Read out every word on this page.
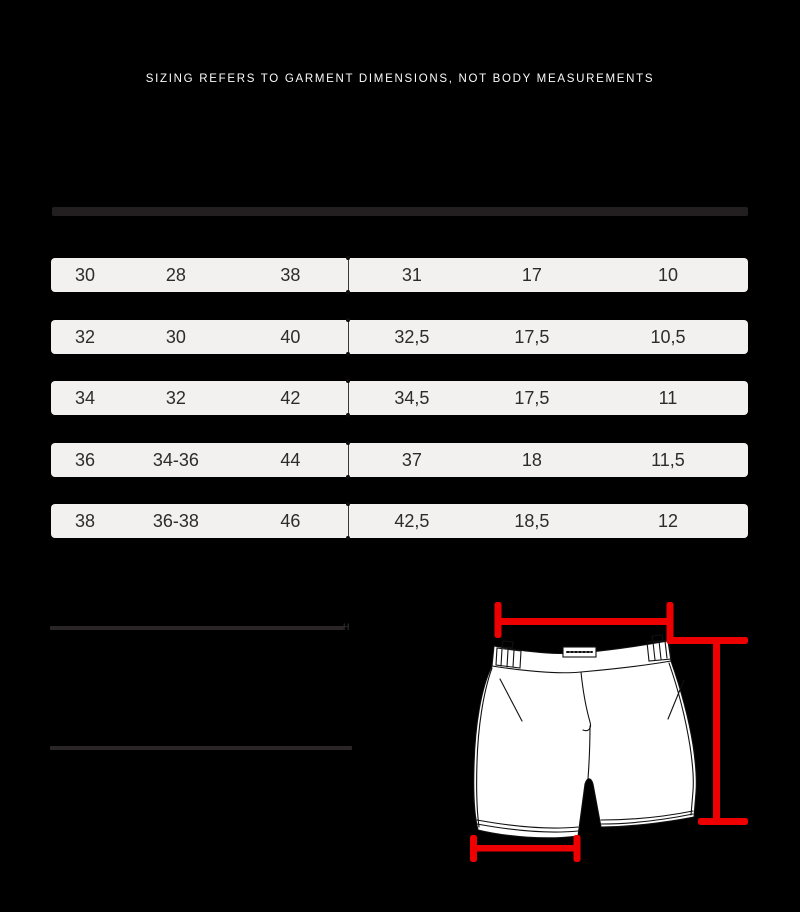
SIZING REFERS TO GARMENT DIMENSIONS, NOT BODY MEASUREMENTS
30	28	38	31	17	10
32	30	40	32,5	17,5	10,5
34	32	42	34,5	17,5	11
36	34-36	44	37	18	11,5
38	36-38	46	42,5	18,5	12
H
